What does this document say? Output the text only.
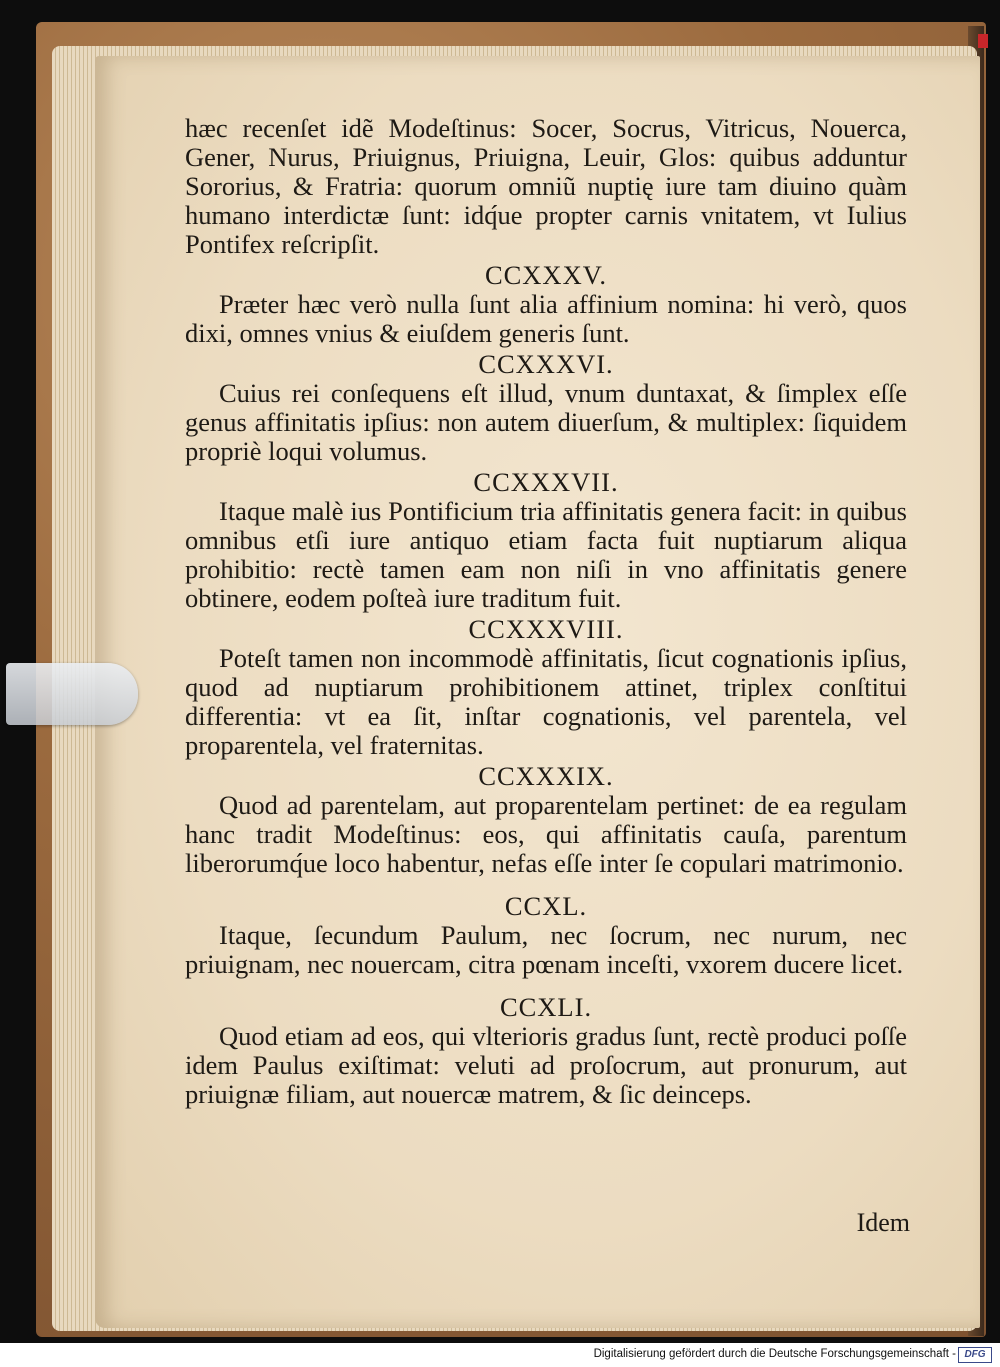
hæc recenſet idẽ Modeſtinus: Socer, Socrus, Vitricus, Nouerca, Gener, Nurus, Priuignus, Priuigna, Leuir, Glos: quibus adduntur Sororius, & Fratria: quorum omniũ nuptię iure tam diuino quàm humano interdictæ ſunt: idq́ue propter carnis vnitatem, vt Iulius Pontifex reſcripſit.

CCXXXV.

Præter hæc verò nulla ſunt alia affinium nomina: hi verò, quos dixi, omnes vnius & eiuſdem generis ſunt.

CCXXXVI.

Cuius rei conſequens eſt illud, vnum duntaxat, & ſimplex eſſe genus affinitatis ipſius: non autem diuerſum, & multiplex: ſiquidem propriè loqui volumus.

CCXXXVII.

Itaque malè ius Pontificium tria affinitatis genera facit: in quibus omnibus etſi iure antiquo etiam facta fuit nuptiarum aliqua prohibitio: rectè tamen eam non niſi in vno affinitatis genere obtinere, eodem poſteà iure traditum fuit.

CCXXXVIII.

Poteſt tamen non incommodè affinitatis, ſicut cognationis ipſius, quod ad nuptiarum prohibitionem attinet, triplex conſtitui differentia: vt ea ſit, inſtar cognationis, vel parentela, vel proparentela, vel fraternitas.

CCXXXIX.

Quod ad parentelam, aut proparentelam pertinet: de ea regulam hanc tradit Modeſtinus: eos, qui affinitatis cauſa, parentum liberorumq́ue loco habentur, nefas eſſe inter ſe copulari matrimonio.

CCXL.

Itaque, ſecundum Paulum, nec ſocrum, nec nurum, nec priuignam, nec nouercam, citra pœnam inceſti, vxorem ducere licet.

CCXLI.

Quod etiam ad eos, qui vlterioris gradus ſunt, rectè produci poſſe idem Paulus exiſtimat: veluti ad proſocrum, aut pronurum, aut priuignæ filiam, aut nouercæ matrem, & ſic deinceps.

Idem
Digitalisierung gefördert durch die Deutsche Forschungsgemeinschaft - DFG
